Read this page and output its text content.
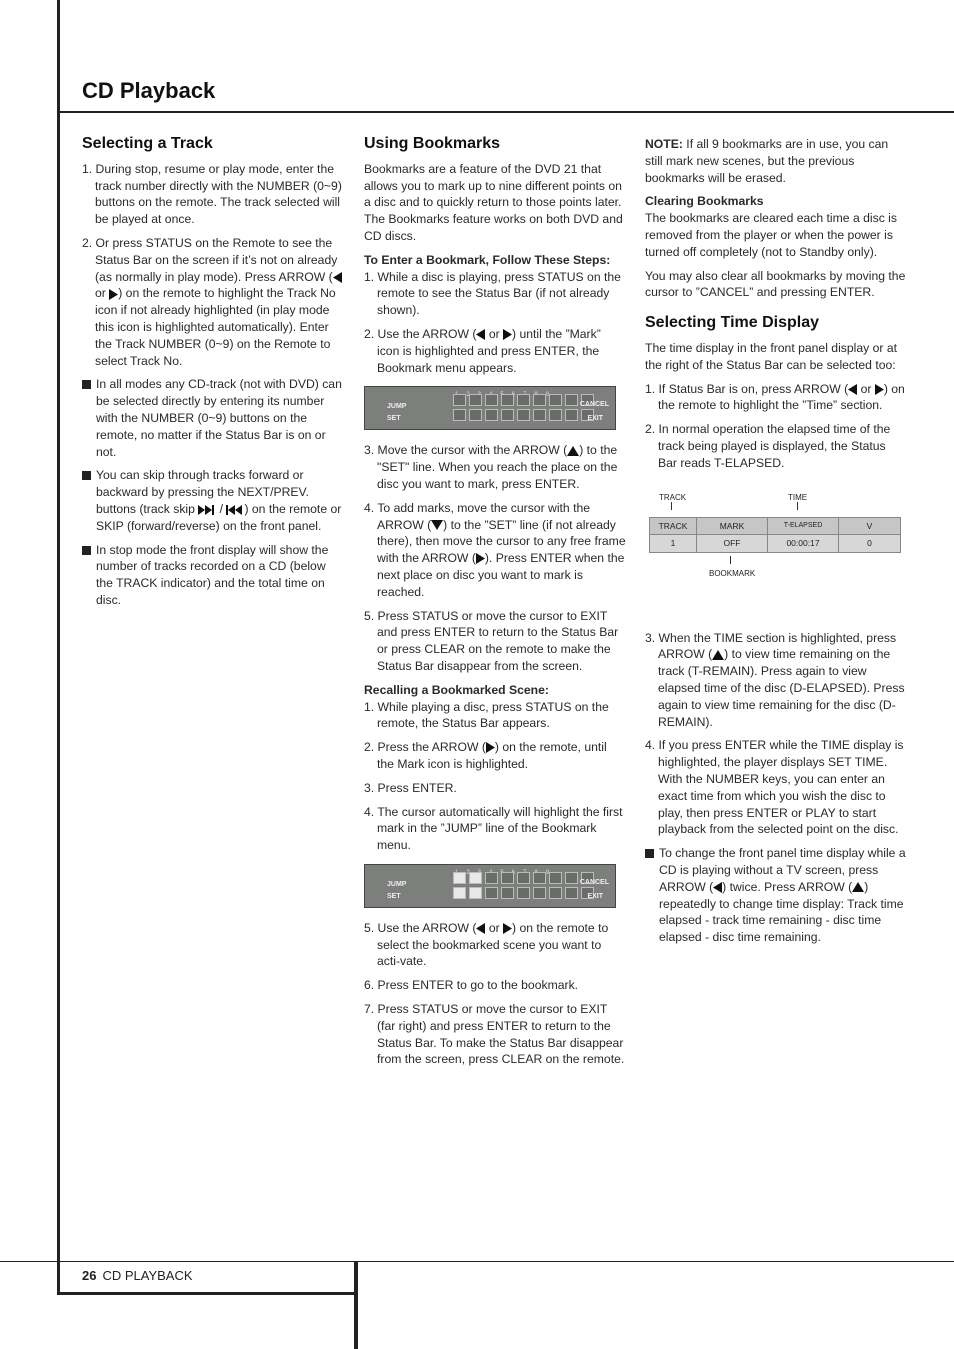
CD Playback
Selecting a Track

1. During stop, resume or play mode, enter the track number directly with the NUMBER (0~9) buttons on the remote. The track selected will be played at once.

2. Or press STATUS on the Remote to see the Status Bar on the screen if it’s not on already (as normally in play mode). Press ARROW ( or ) on the remote to highlight the Track No icon if not already highlighted (in play mode this icon is highlighted automatically). Enter the Track NUMBER (0~9) on the Remote to select Track No.

In all modes any CD-track (not with DVD) can be selected directly by entering its number with the NUMBER (0~9) buttons on the remote, no matter if the Status Bar is on or not.

You can skip through tracks forward or backward by pressing the NEXT/PREV. buttons (track skip  / ) on the remote or SKIP (forward/reverse) on the front panel.

In stop mode the front display will show the number of tracks recorded on a CD (below the TRACK indicator) and the total time on disc.

Using Bookmarks

Bookmarks are a feature of the DVD 21 that allows you to mark up to nine different points on a disc and to quickly return to those points later. The Bookmarks feature works on both DVD and CD discs.

To Enter a Bookmark, Follow These Steps:

1. While a disc is playing, press STATUS on the remote to see the Status Bar (if not already shown).

2. Use the ARROW ( or ) until the ”Mark” icon is highlighted and press ENTER, the Bookmark menu appears.

JUMP
SET
CANCEL
EXIT

3. Move the cursor with the ARROW ( ) to the "SET" line. When you reach the place on the disc you want to mark, press ENTER.

4. To add marks, move the cursor with the ARROW ( ) to the ”SET” line (if not already there), then move the cursor to any free frame with the ARROW ( ). Press ENTER when the next place on disc you want to mark is reached.

5. Press STATUS or move the cursor to EXIT and press ENTER to return to the Status Bar or press CLEAR on the remote to make the Status Bar disappear from the screen.

Recalling a Bookmarked Scene:

1. While playing a disc, press STATUS on the remote, the Status Bar appears.

2. Press the ARROW ( ) on the remote, until the Mark icon is highlighted.

3. Press ENTER.

4. The cursor automatically will highlight the first mark in the ”JUMP” line of the Bookmark menu.

JUMP
SET
CANCEL
EXIT

5. Use the ARROW ( or ) on the remote to select the bookmarked scene you want to acti-vate.

6. Press ENTER to go to the bookmark.

7. Press STATUS or move the cursor to EXIT (far right) and press ENTER to return to the Status Bar. To make the Status Bar disappear from the screen, press CLEAR on the remote.

NOTE: If all 9 bookmarks are in use, you can still mark new scenes, but the previous bookmarks will be erased.

Clearing Bookmarks

The bookmarks are cleared each time a disc is removed from the player or when the power is turned off completely (not to Standby only).

You may also clear all bookmarks by moving the cursor to ”CANCEL” and pressing ENTER.

Selecting Time Display

The time display in the front panel display or at the right of the Status Bar can be selected too:

1. If Status Bar is on, press ARROW ( or ) on the remote to highlight the ”Time” section.

2. In normal operation the elapsed time of the track being played is displayed, the Status Bar reads T-ELAPSED.

TRACK	TIME
TRACK	MARK	T-ELAPSED	V
1	OFF	00:00:17	0
BOOKMARK

3. When the TIME section is highlighted, press ARROW ( ) to view time remaining on the track (T-REMAIN). Press again to view elapsed time of the disc (D-ELAPSED). Press again to view time remaining for the disc (D-REMAIN).

4. If you press ENTER while the TIME display is highlighted, the player displays SET TIME. With the NUMBER keys, you can enter an exact time from which you wish the disc to play, then press ENTER or PLAY to start playback from the selected point on the disc.

To change the front panel time display while a CD is playing without a TV screen, press ARROW ( ) twice. Press ARROW ( ) repeatedly to change time display: Track time elapsed - track time remaining - disc time elapsed - disc time remaining.

26 CD PLAYBACK
